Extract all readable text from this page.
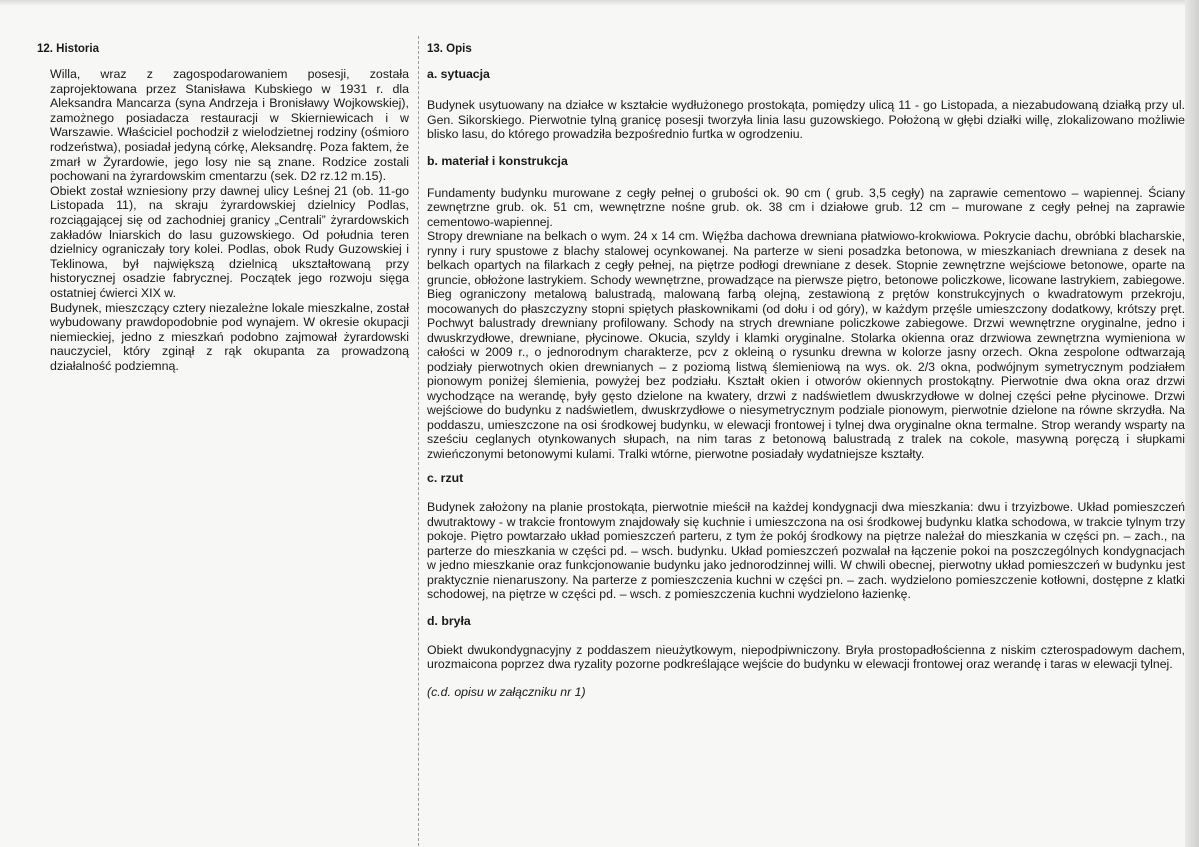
12. Historia

Willa, wraz z zagospodarowaniem posesji, została zaprojektowana przez Stanisława Kubskiego w 1931 r. dla Aleksandra Mancarza (syna Andrzeja i Bronisławy Wojkowskiej), zamożnego posiadacza restauracji w Skierniewicach i w Warszawie. Właściciel pochodził z wielodzietnej rodziny (ośmioro rodzeństwa), posiadał jedyną córkę, Aleksandrę. Poza faktem, że zmarł w Żyrardowie, jego losy nie są znane. Rodzice zostali pochowani na żyrardowskim cmentarzu (sek. D2 rz.12 m.15).

Obiekt został wzniesiony przy dawnej ulicy Leśnej 21 (ob. 11-go Listopada 11), na skraju żyrardowskiej dzielnicy Podlas, rozciągającej się od zachodniej granicy „Centrali” żyrardowskich zakładów lniarskich do lasu guzowskiego. Od południa teren dzielnicy ograniczały tory kolei. Podlas, obok Rudy Guzowskiej i Teklinowa, był największą dzielnicą ukształtowaną przy historycznej osadzie fabrycznej. Początek jego rozwoju sięga ostatniej ćwierci XIX w.

Budynek, mieszczący cztery niezależne lokale mieszkalne, został wybudowany prawdopodobnie pod wynajem. W okresie okupacji niemieckiej, jedno z mieszkań podobno zajmował żyrardowski nauczyciel, który zginął z rąk okupanta za prowadzoną działalność podziemną.

13. Opis
a. sytuacja

Budynek usytuowany na działce w kształcie wydłużonego prostokąta, pomiędzy ulicą 11 - go Listopada, a niezabudowaną działką przy ul. Gen. Sikorskiego. Pierwotnie tylną granicę posesji tworzyła linia lasu guzowskiego. Położoną w głębi działki willę, zlokalizowano możliwie blisko lasu, do którego prowadziła bezpośrednio furtka w ogrodzeniu.

b. materiał i konstrukcja

Fundamenty budynku murowane z cegły pełnej o grubości ok. 90 cm ( grub. 3,5 cegły) na zaprawie cementowo – wapiennej. Ściany zewnętrzne grub. ok. 51 cm, wewnętrzne nośne grub. ok. 38 cm i działowe grub. 12 cm – murowane z cegły pełnej na zaprawie cementowo-wapiennej.

Stropy drewniane na belkach o wym. 24 x 14 cm. Więźba dachowa drewniana płatwiowo-krokwiowa. Pokrycie dachu, obróbki blacharskie, rynny i rury spustowe z blachy stalowej ocynkowanej. Na parterze w sieni posadzka betonowa, w mieszkaniach drewniana z desek na belkach opartych na filarkach z cegły pełnej, na piętrze podłogi drewniane z desek. Stopnie zewnętrzne wejściowe betonowe, oparte na gruncie, obłożone lastrykiem. Schody wewnętrzne, prowadzące na pierwsze piętro, betonowe policzkowe, licowane lastrykiem, zabiegowe. Bieg ograniczony metalową balustradą, malowaną farbą olejną, zestawioną z prętów konstrukcyjnych o kwadratowym przekroju, mocowanych do płaszczyzny stopni spiętych płaskownikami (od dołu i od góry), w każdym przęśle umieszczony dodatkowy, krótszy pręt. Pochwyt balustrady drewniany profilowany. Schody na strych drewniane policzkowe zabiegowe. Drzwi wewnętrzne oryginalne, jedno i dwuskrzydłowe, drewniane, płycinowe. Okucia, szyldy i klamki oryginalne. Stolarka okienna oraz drzwiowa zewnętrzna wymieniona w całości w 2009 r., o jednorodnym charakterze, pcv z okleiną o rysunku drewna w kolorze jasny orzech. Okna zespolone odtwarzają podziały pierwotnych okien drewnianych – z poziomą listwą ślemieniową na wys. ok. 2/3 okna, podwójnym symetrycznym podziałem pionowym poniżej ślemienia, powyżej bez podziału. Kształt okien i otworów okiennych prostokątny. Pierwotnie dwa okna oraz drzwi wychodzące na werandę, były gęsto dzielone na kwatery, drzwi z nadświetlem dwuskrzydłowe w dolnej części pełne płycinowe. Drzwi wejściowe do budynku z nadświetlem, dwuskrzydłowe o niesymetrycznym podziale pionowym, pierwotnie dzielone na równe skrzydła. Na poddaszu, umieszczone na osi środkowej budynku, w elewacji frontowej i tylnej dwa oryginalne okna termalne. Strop werandy wsparty na sześciu ceglanych otynkowanych słupach, na nim taras z betonową balustradą z tralek na cokole, masywną poręczą i słupkami zwieńczonymi betonowymi kulami. Tralki wtórne, pierwotne posiadały wydatniejsze kształty.

c. rzut

Budynek założony na planie prostokąta, pierwotnie mieścił na każdej kondygnacji dwa mieszkania: dwu i trzyizbowe. Układ pomieszczeń dwutraktowy - w trakcie frontowym znajdowały się kuchnie i umieszczona na osi środkowej budynku klatka schodowa, w trakcie tylnym trzy pokoje. Piętro powtarzało układ pomieszczeń parteru, z tym że pokój środkowy na piętrze należał do mieszkania w części pn. – zach., na parterze do mieszkania w części pd. – wsch. budynku. Układ pomieszczeń pozwalał na łączenie pokoi na poszczególnych kondygnacjach w jedno mieszkanie oraz funkcjonowanie budynku jako jednorodzinnej willi. W chwili obecnej, pierwotny układ pomieszczeń w budynku jest praktycznie nienaruszony. Na parterze z pomieszczenia kuchni w części pn. – zach. wydzielono pomieszczenie kotłowni, dostępne z klatki schodowej, na piętrze w części pd. – wsch. z pomieszczenia kuchni wydzielono łazienkę.

d. bryła

Obiekt dwukondygnacyjny z poddaszem nieużytkowym, niepodpiwniczony. Bryła prostopadłościenna z niskim czterospadowym dachem, urozmaicona poprzez dwa ryzality pozorne podkreślające wejście do budynku w elewacji frontowej oraz werandę i taras w elewacji tylnej.

(c.d. opisu w załączniku nr 1)
